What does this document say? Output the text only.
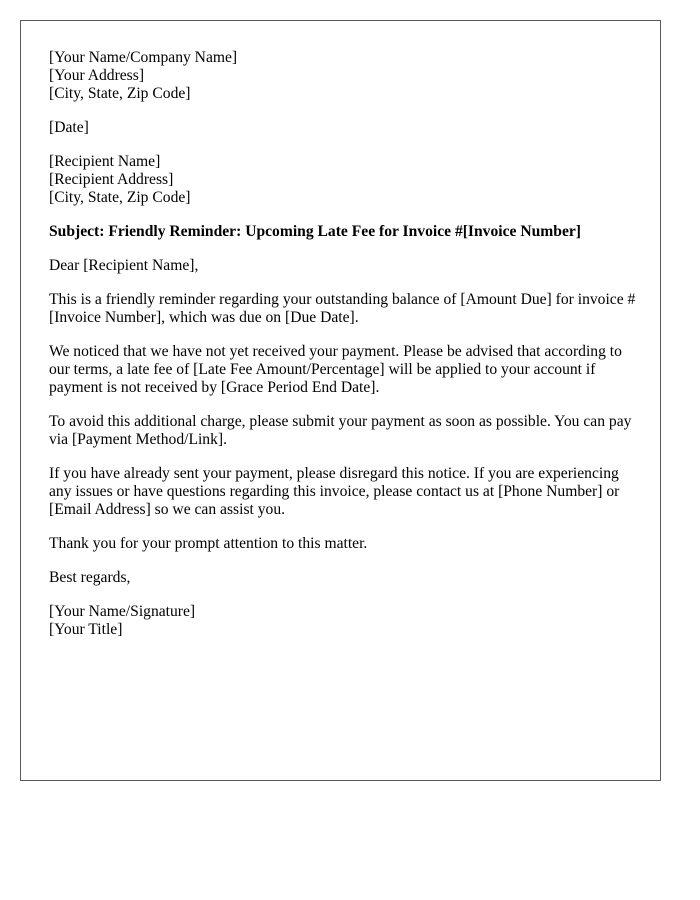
[Your Name/Company Name]
[Your Address]
[City, State, Zip Code]
[Date]
[Recipient Name]
[Recipient Address]
[City, State, Zip Code]
Subject: Friendly Reminder: Upcoming Late Fee for Invoice #[Invoice Number]
Dear [Recipient Name],

This is a friendly reminder regarding your outstanding balance of [Amount Due] for invoice #[Invoice Number], which was due on [Due Date].

We noticed that we have not yet received your payment. Please be advised that according to our terms, a late fee of [Late Fee Amount/Percentage] will be applied to your account if payment is not received by [Grace Period End Date].

To avoid this additional charge, please submit your payment as soon as possible. You can pay via [Payment Method/Link].

If you have already sent your payment, please disregard this notice. If you are experiencing any issues or have questions regarding this invoice, please contact us at [Phone Number] or [Email Address] so we can assist you.

Thank you for your prompt attention to this matter.

Best regards,
[Your Name/Signature]
[Your Title]
